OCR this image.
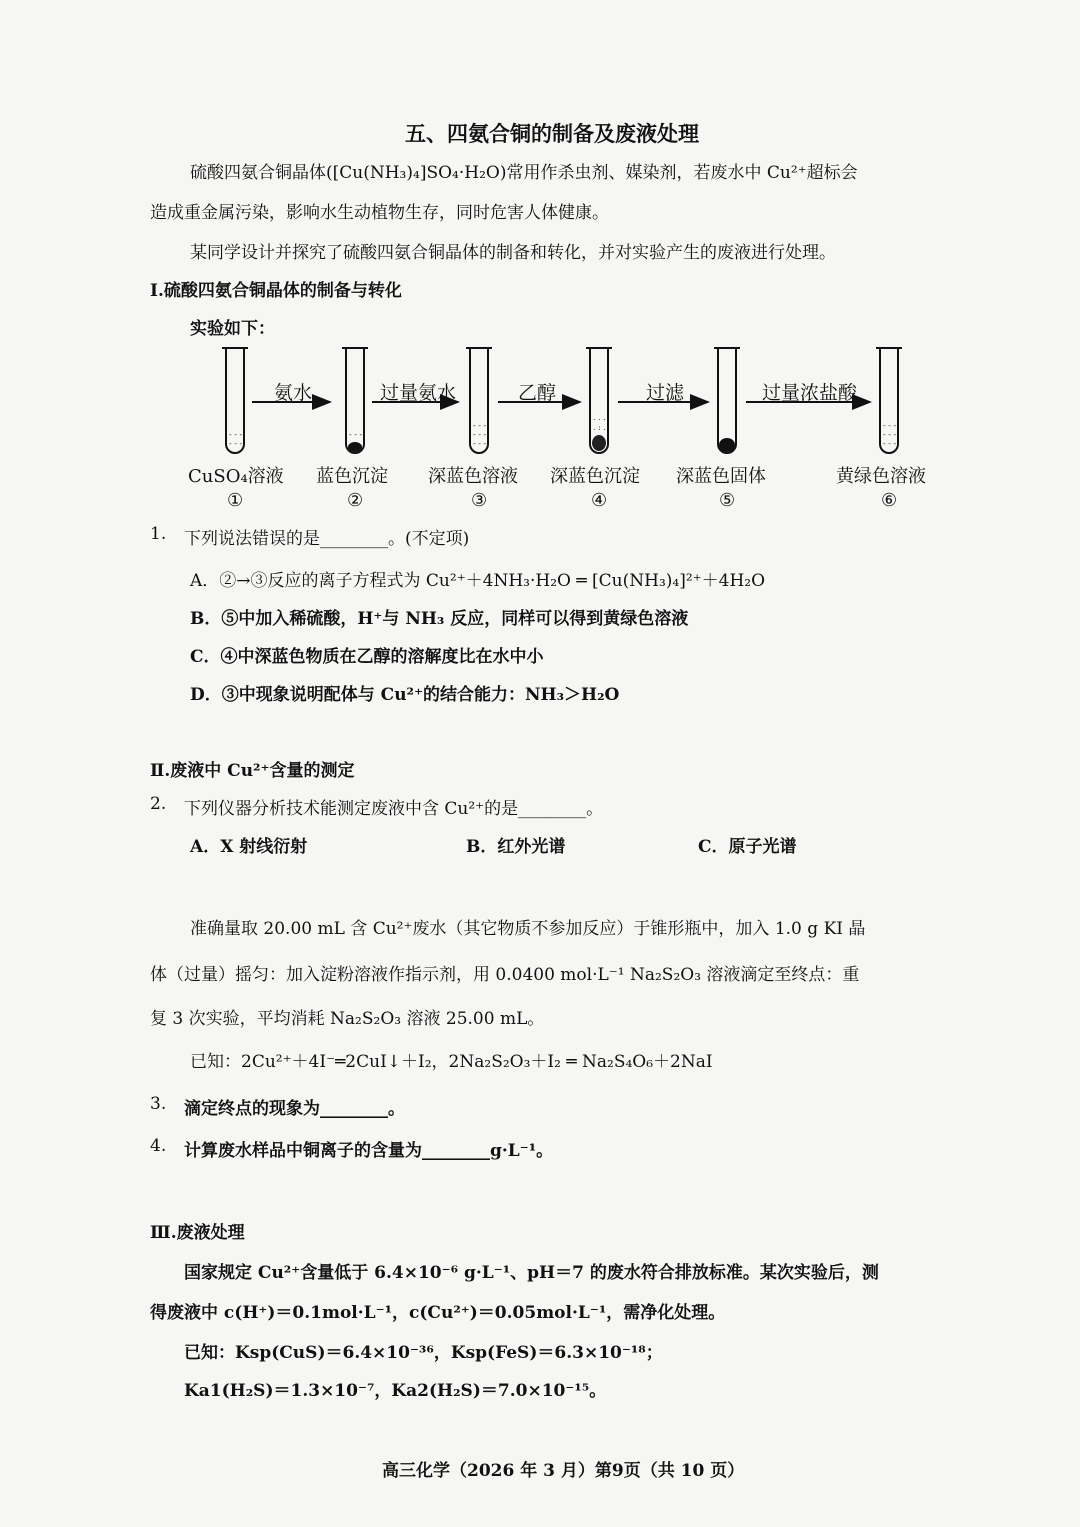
五、四氨合铜的制备及废液处理
硫酸四氨合铜晶体([Cu(NH₃)₄]SO₄·H₂O)常用作杀虫剂、媒染剂，若废水中 Cu²⁺超标会
造成重金属污染，影响水生动植物生存，同时危害人体健康。
某同学设计并探究了硫酸四氨合铜晶体的制备和转化，并对实验产生的废液进行处理。
Ⅰ.硫酸四氨合铜晶体的制备与转化
实验如下：
- - -
- - -
- - -
- - -
- - -
- - -
. . .
. : .	- - -
- - -
- - -
氨水	过量氨水	乙醇	过滤	过量浓盐酸
CuSO₄溶液 蓝色沉淀 深蓝色溶液 深蓝色沉淀 深蓝色固体	黄绿色溶液
①	②	③	④	⑤	⑥
1. 下列说法错误的是________。(不定项)
A．②→③反应的离子方程式为 Cu²⁺＋4NH₃·H₂O ═ [Cu(NH₃)₄]²⁺＋4H₂O
B．⑤中加入稀硫酸，H⁺与 NH₃ 反应，同样可以得到黄绿色溶液
C．④中深蓝色物质在乙醇的溶解度比在水中小
D．③中现象说明配体与 Cu²⁺的结合能力：NH₃＞H₂O
Ⅱ.废液中 Cu²⁺含量的测定
2. 下列仪器分析技术能测定废液中含 Cu²⁺的是________。
A．X 射线衍射	B．红外光谱	C．原子光谱
准确量取 20.00 mL 含 Cu²⁺废水（其它物质不参加反应）于锥形瓶中，加入 1.0 g KI 晶
体（过量）摇匀：加入淀粉溶液作指示剂，用 0.0400 mol·L⁻¹ Na₂S₂O₃ 溶液滴定至终点：重
复 3 次实验，平均消耗 Na₂S₂O₃ 溶液 25.00 mL。
已知：2Cu²⁺＋4I⁻═2CuI↓＋I₂，2Na₂S₂O₃＋I₂ ═ Na₂S₄O₆＋2NaI
3. 滴定终点的现象为________。
4. 计算废水样品中铜离子的含量为________g·L⁻¹。
Ⅲ.废液处理
国家规定 Cu²⁺含量低于 6.4×10⁻⁶ g·L⁻¹、pH＝7 的废水符合排放标准。某次实验后，测
得废液中 c(H⁺)＝0.1mol·L⁻¹，c(Cu²⁺)＝0.05mol·L⁻¹，需净化处理。
已知：Ksp(CuS)＝6.4×10⁻³⁶，Ksp(FeS)＝6.3×10⁻¹⁸；
Ka1(H₂S)＝1.3×10⁻⁷，Ka2(H₂S)＝7.0×10⁻¹⁵。
高三化学（2026 年 3 月）第9页（共 10 页）
